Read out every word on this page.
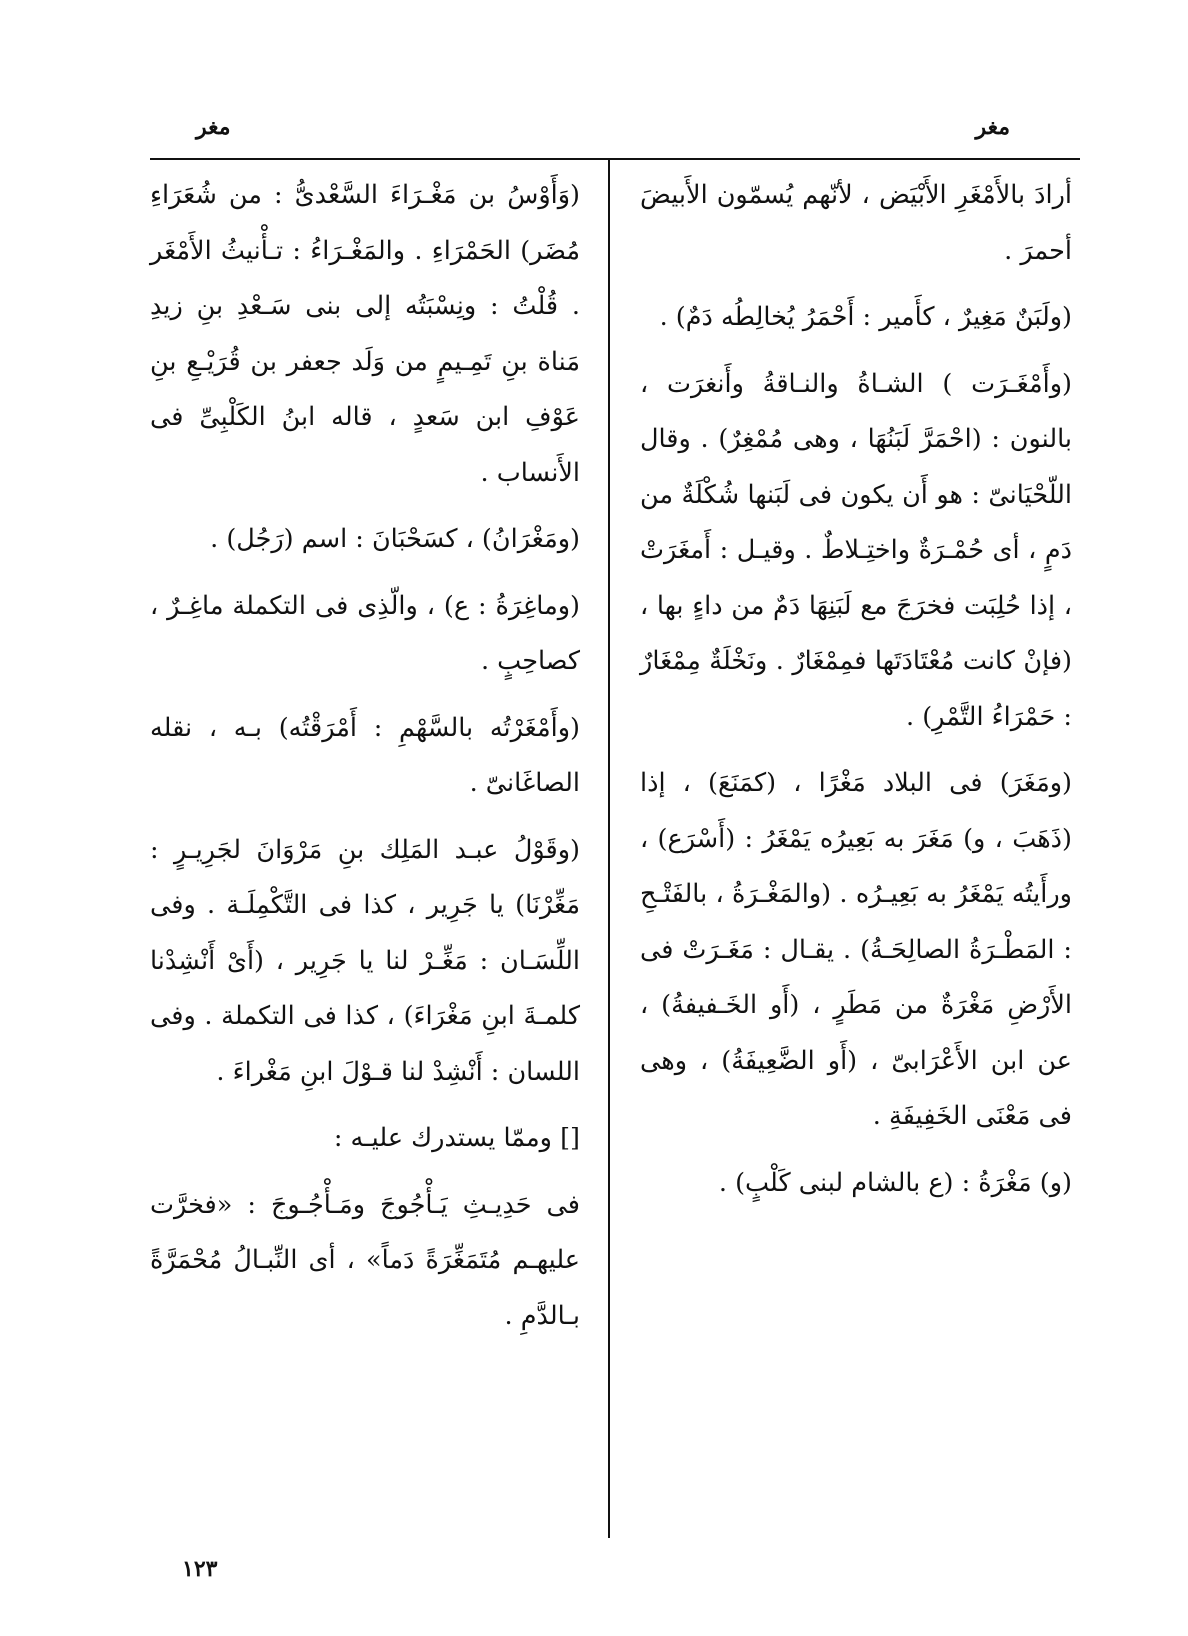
مغر
مغر

أرادَ بالأَمْغَرِ الأَبْيَض ، لأنّهم يُسمّون الأَبيضَ أحمرَ .

(ولَبَنٌ مَغِيرٌ ، كأَمير : أَحْمَرُ يُخالِطُه دَمٌ) .

(وأَمْغَـرَت ) الشـاةُ والنـاقةُ وأَنغرَت ، بالنون : (احْمَرَّ لَبَنُهَا ، وهى مُمْغِرٌ) . وقال اللّحْيَانىّ : هو أَن يكون فى لَبَنها شُكْلَةٌ من دَمٍ ، أى حُمْـرَةٌ واختِـلاطٌ . وقيـل : أَمغَرَتْ ، إذا حُلِبَت فخرَجَ مع لَبَنِهَا دَمٌ من داءٍ بها ، (فإنْ كانت مُعْتَادَتَها فمِمْغَارٌ . ونَخْلَةٌ مِمْغَارٌ : حَمْرَاءُ التَّمْرِ) .

(ومَغَرَ) فى البلاد مَغْرًا ، (كمَنَعَ) ، إذا (ذَهَبَ ، و) مَغَرَ به بَعِيرُه يَمْغَرُ : (أَسْرَع) ، ورأَيتُه يَمْغَرُ به بَعِيـرُه . (والمَغْـرَةُ ، بالفَتْـحِ : المَطْـرَةُ الصالِحَـةُ) . يقـال : مَغَـرَتْ فى الأَرْضِ مَغْرَةٌ من مَطَرٍ ، (أَو الخَـفيفةُ) ، عن ابن الأَعْرَابىّ ، (أَو الضَّعِيفَةُ) ، وهى فى مَعْنَى الخَفِيفَةِ .

(و) مَغْرَةُ : (ع بالشام لبنى كَلْبٍ) .

(وَأَوْسُ بن مَغْـرَاءَ السَّعْدىُّ : من شُعَرَاءِ مُضَر) الحَمْرَاءِ . والمَغْـرَاءُ : تـأْنيثُ الأَمْغَر . قُلْتُ : ونِسْبَتُه إلى بنى سَـعْدِ بنِ زيدِ مَناة بنِ تَمِـيمٍ من وَلَد جعفر بن قُرَيْـعِ بنِ عَوْفِ ابن سَعدٍ ، قاله ابنُ الكَلْبِىِّ فى الأَنساب .

(ومَغْرَانُ) ، كسَحْبَانَ : اسم (رَجُل) .

(وماغِرَةُ : ع) ، والّذِى فى التكملة ماغِـرٌ ، كصاحِبٍ .

(وأَمْغَرْتُه بالسَّهْمِ : أَمْرَقْتُه) بـه ، نقله الصاغَانىّ .

(وقَوْلُ عبـد المَلِك بنِ مَرْوَانَ لجَرِيـرٍ : مَغِّرْنَا) يا جَرِير ، كذا فى التَّكْمِلَـة . وفى اللِّسَـان : مَغِّـرْ لنا يا جَرِير ، (أَىْ أَنْشِدْنا كلمـةَ ابنِ مَغْرَاءَ) ، كذا فى التكملة . وفى اللسان : أَنْشِدْ لنا قـوْلَ ابنِ مَغْراءَ .

[] وممّا يستدرك عليـه :

فى حَدِيـثِ يَـأْجُوجَ ومَـأْجُـوجَ : «فخرَّت عليهـم مُتَمَغِّرَةً دَماً» ، أى النِّبـالُ مُحْمَرَّةً بـالدَّمِ .

١٢٣
